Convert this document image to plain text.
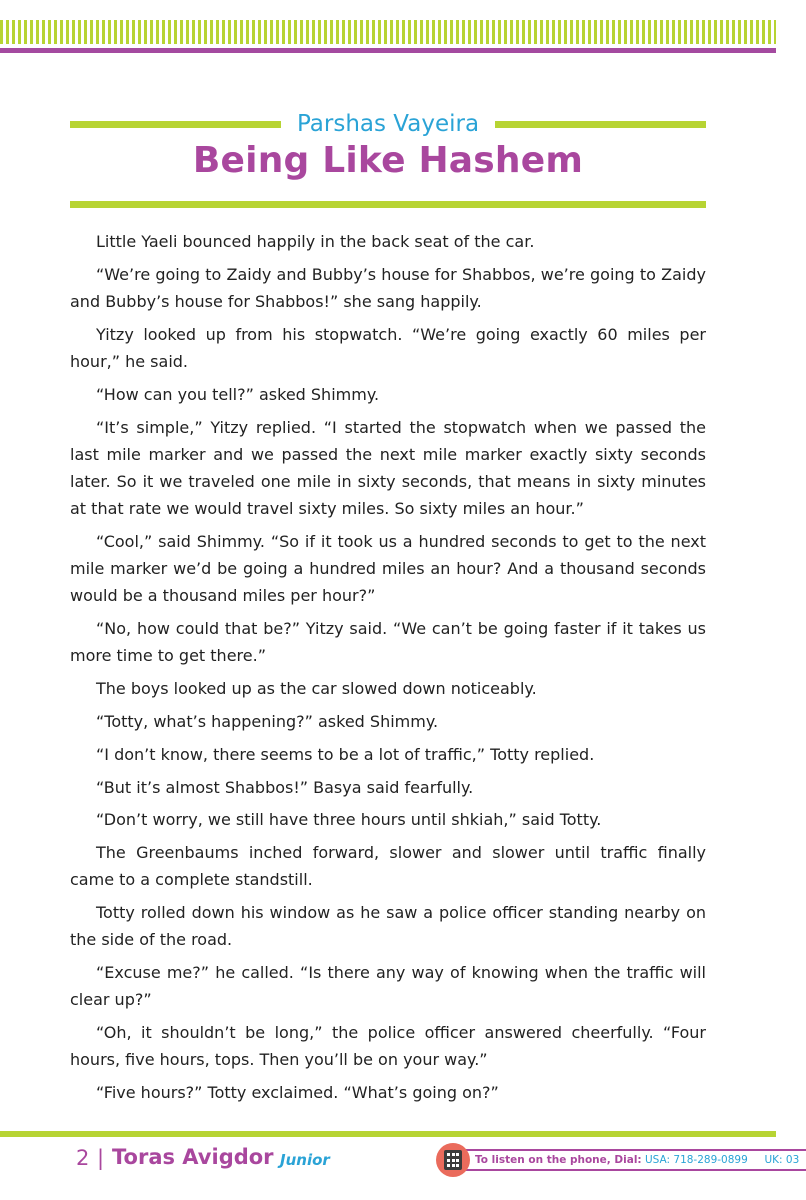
Parshas Vayeira
Being Like Hashem

Little Yaeli bounced happily in the back seat of the car.

“We’re going to Zaidy and Bubby’s house for Shabbos, we’re going to Zaidy and Bubby’s house for Shabbos!” she sang happily.

Yitzy looked up from his stopwatch. “We’re going exactly 60 miles per hour,” he said.

“How can you tell?” asked Shimmy.

“It’s simple,” Yitzy replied. “I started the stopwatch when we passed the last mile marker and we passed the next mile marker exactly sixty seconds later. So it we traveled one mile in sixty seconds, that means in sixty minutes at that rate we would travel sixty miles. So sixty miles an hour.”

“Cool,” said Shimmy. “So if it took us a hundred seconds to get to the next mile marker we’d be going a hundred miles an hour? And a thousand seconds would be a thousand miles per hour?”

“No, how could that be?” Yitzy said. “We can’t be going faster if it takes us more time to get there.”

The boys looked up as the car slowed down noticeably.

“Totty, what’s happening?” asked Shimmy.

“I don’t know, there seems to be a lot of traffic,” Totty replied.

“But it’s almost Shabbos!” Basya said fearfully.

“Don’t worry, we still have three hours until shkiah,” said Totty.

The Greenbaums inched forward, slower and slower until traffic finally came to a complete standstill.

Totty rolled down his window as he saw a police officer standing nearby on the side of the road.

“Excuse me?” he called. “Is there any way of knowing when the traffic will clear up?”

“Oh, it shouldn’t be long,” the police officer answered cheerfully. “Four hours, five hours, tops. Then you’ll be on your way.”

“Five hours?” Totty exclaimed. “What’s going on?”

2 | Toras Avigdor Junior	To listen on the phone, Dial: USA: 718-289-0899 UK: 03
